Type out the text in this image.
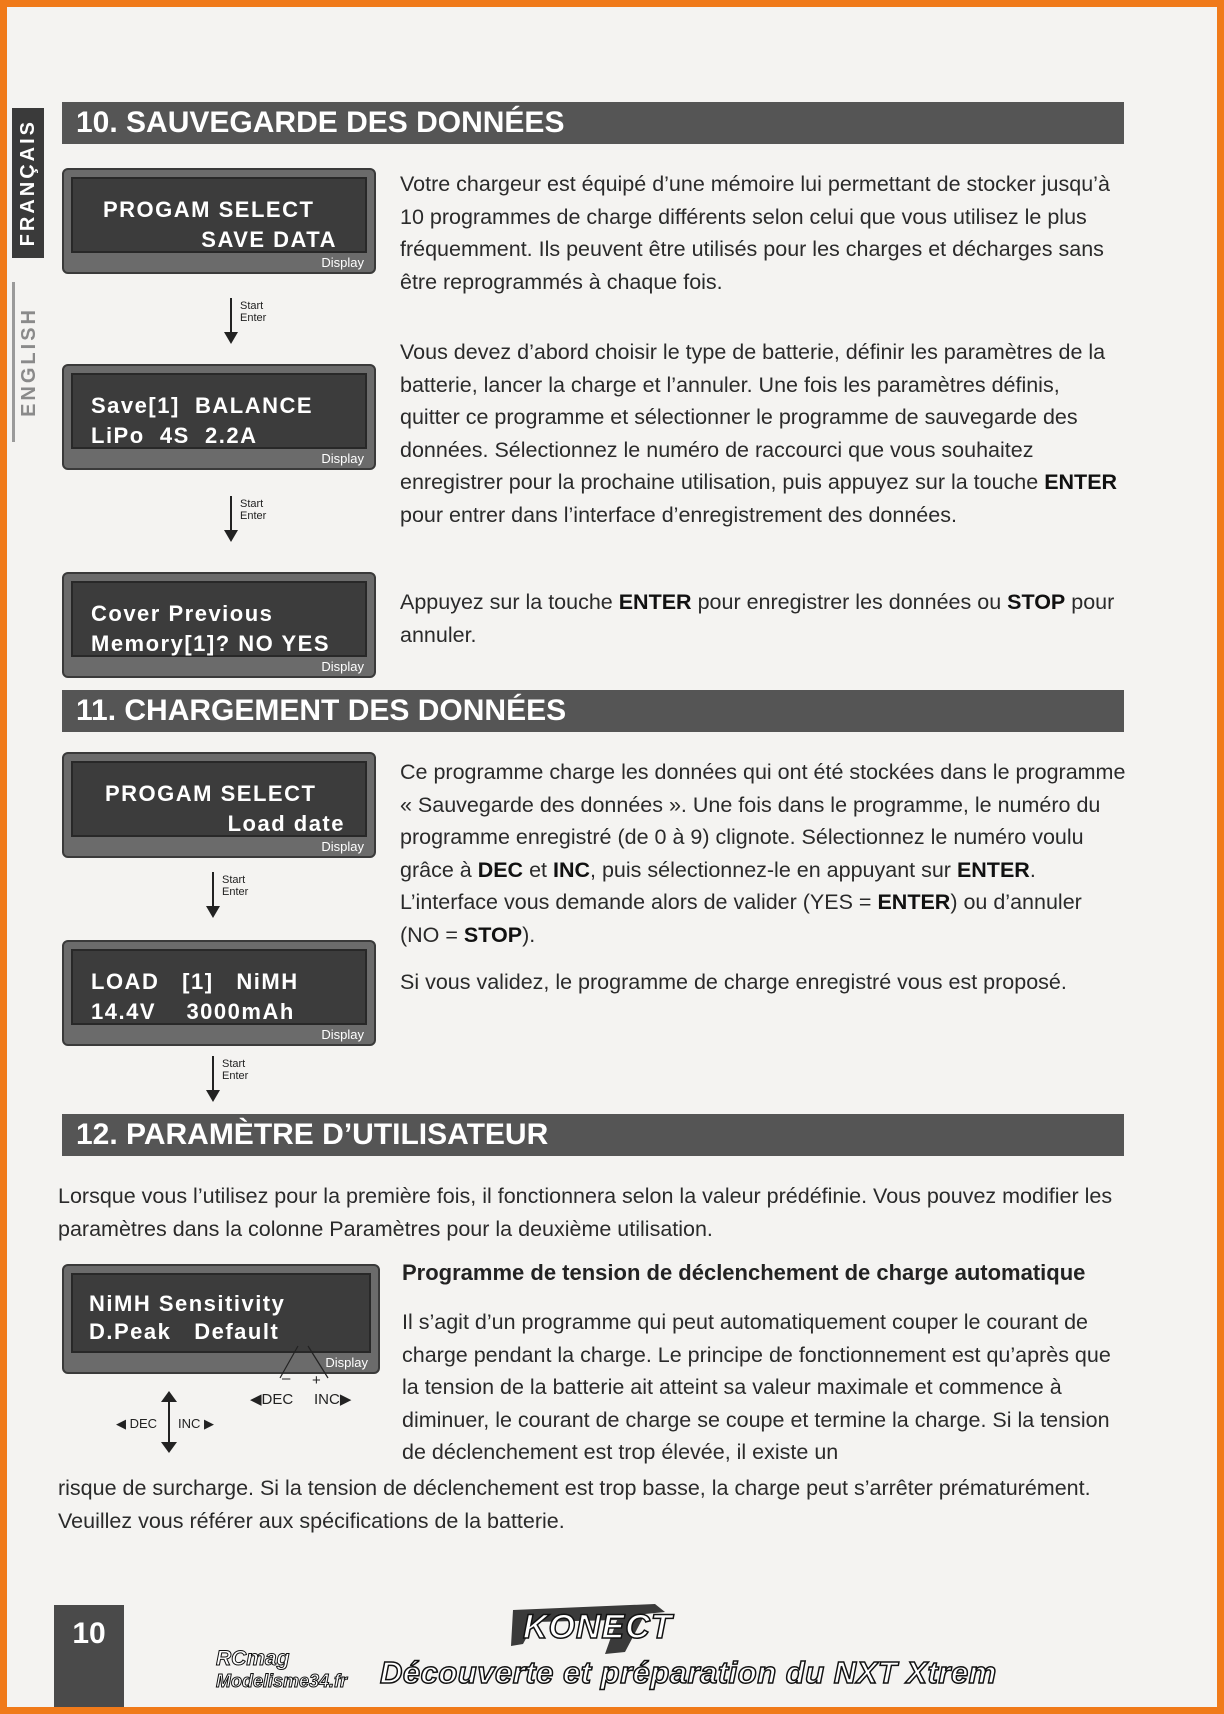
FRANÇAIS
ENGLISH
10. SAUVEGARDE DES DONNÉES
PROGAM SELECT
SAVE DATA
Display
Start
Enter
Save[1]  BALANCE
LiPo  4S  2.2A
Display
Start
Enter
Cover Previous
Memory[1]? NO YES
Display
Votre chargeur est équipé d’une mémoire lui permettant de stocker jusqu’à 10 programmes de charge différents selon celui que vous utilisez le plus fréquemment. Ils peuvent être utilisés pour les charges et décharges sans être reprogrammés à chaque fois.
Vous devez d’abord choisir le type de batterie, définir les paramètres de la batterie, lancer la charge et l’annuler. Une fois les paramètres définis, quitter ce programme et sélectionner le programme de sauvegarde des données. Sélectionnez le numéro de raccourci que vous souhaitez enregistrer pour la prochaine utilisation, puis appuyez sur la touche ENTER pour entrer dans l’interface d’enregistrement des données.
Appuyez sur la touche ENTER pour enregistrer les données ou STOP pour annuler.
11. CHARGEMENT DES DONNÉES
PROGAM SELECT
Load date
Display
Start
Enter
LOAD   [1]   NiMH
14.4V    3000mAh
Display
Start
Enter
Ce programme charge les données qui ont été stockées dans le programme « Sauvegarde des données ». Une fois dans le programme, le numéro du programme enregistré (de 0 à 9) clignote. Sélectionnez le numéro voulu grâce à DEC et INC, puis sélectionnez-le en appuyant sur ENTER. L’interface vous demande alors de valider (YES = ENTER) ou d’annuler (NO = STOP).
Si vous validez, le programme de charge enregistré vous est proposé.
12. PARAMÈTRE D’UTILISATEUR
Lorsque vous l’utilisez pour la première fois, il fonctionnera selon la valeur prédéfinie. Vous pouvez modifier les paramètres dans la colonne Paramètres pour la deuxième utilisation.
NiMH Sensitivity
D.Peak   Default
Display
– +
◀DEC INC▶
◀ DEC INC ▶
Programme de tension de déclenchement de charge automatique
Il s’agit d’un programme qui peut automatiquement couper le courant de charge pendant la charge. Le principe de fonctionnement est qu’après que la tension de la batterie ait atteint sa valeur maximale et commence à diminuer, le courant de charge se coupe et termine la charge. Si la tension de déclenchement est trop élevée, il existe un
risque de surcharge. Si la tension de déclenchement est trop basse, la charge peut s’arrêter prématurément. Veuillez vous référer aux spécifications de la batterie.
10	KONECT
RCmag
Modelisme34.fr Découverte et préparation du NXT Xtrem
